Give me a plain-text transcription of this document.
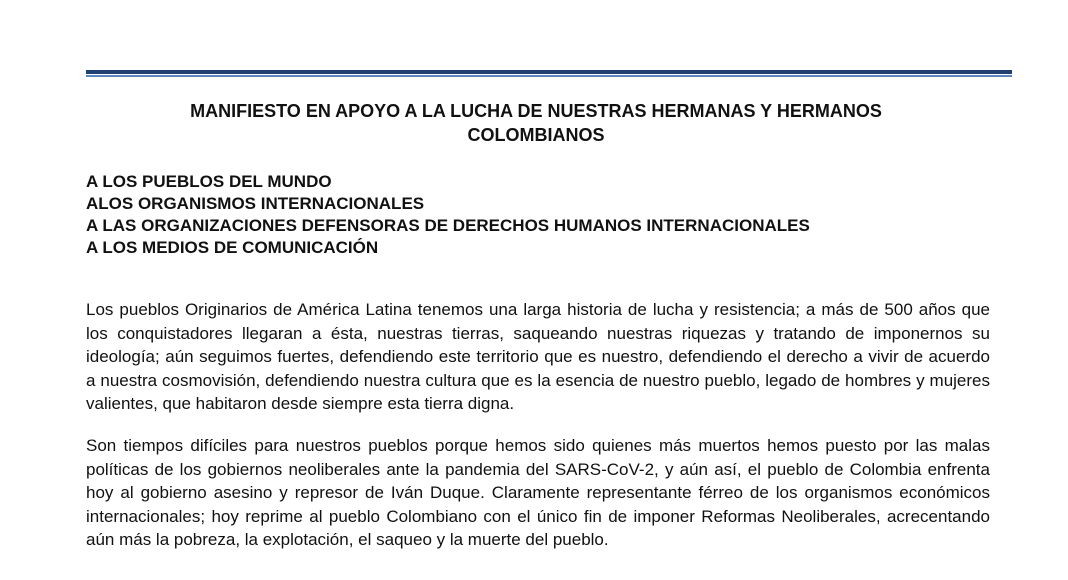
MANIFIESTO EN APOYO A LA LUCHA DE NUESTRAS HERMANAS Y HERMANOS
COLOMBIANOS
A LOS PUEBLOS DEL MUNDO
ALOS ORGANISMOS INTERNACIONALES
A LAS ORGANIZACIONES DEFENSORAS DE DERECHOS HUMANOS INTERNACIONALES
A LOS MEDIOS DE COMUNICACIÓN

Los pueblos Originarios de América Latina tenemos una larga historia de lucha y resistencia; a más de 500 años que los conquistadores llegaran a ésta, nuestras tierras, saqueando nuestras riquezas y tratando de imponernos su ideología; aún seguimos fuertes, defendiendo este territorio que es nuestro, defendiendo el derecho a vivir de acuerdo a nuestra cosmovisión, defendiendo nuestra cultura que es la esencia de nuestro pueblo, legado de hombres y mujeres valientes, que habitaron desde siempre esta tierra digna.

Son tiempos difíciles para nuestros pueblos porque hemos sido quienes más muertos hemos puesto por las malas políticas de los gobiernos neoliberales ante la pandemia del SARS-CoV-2, y aún así, el pueblo de Colombia enfrenta hoy al gobierno asesino y represor de Iván Duque. Claramente representante férreo de los organismos económicos internacionales; hoy reprime al pueblo Colombiano con el único fin de imponer Reformas Neoliberales, acrecentando aún más la pobreza, la explotación, el saqueo y la muerte del pueblo.
